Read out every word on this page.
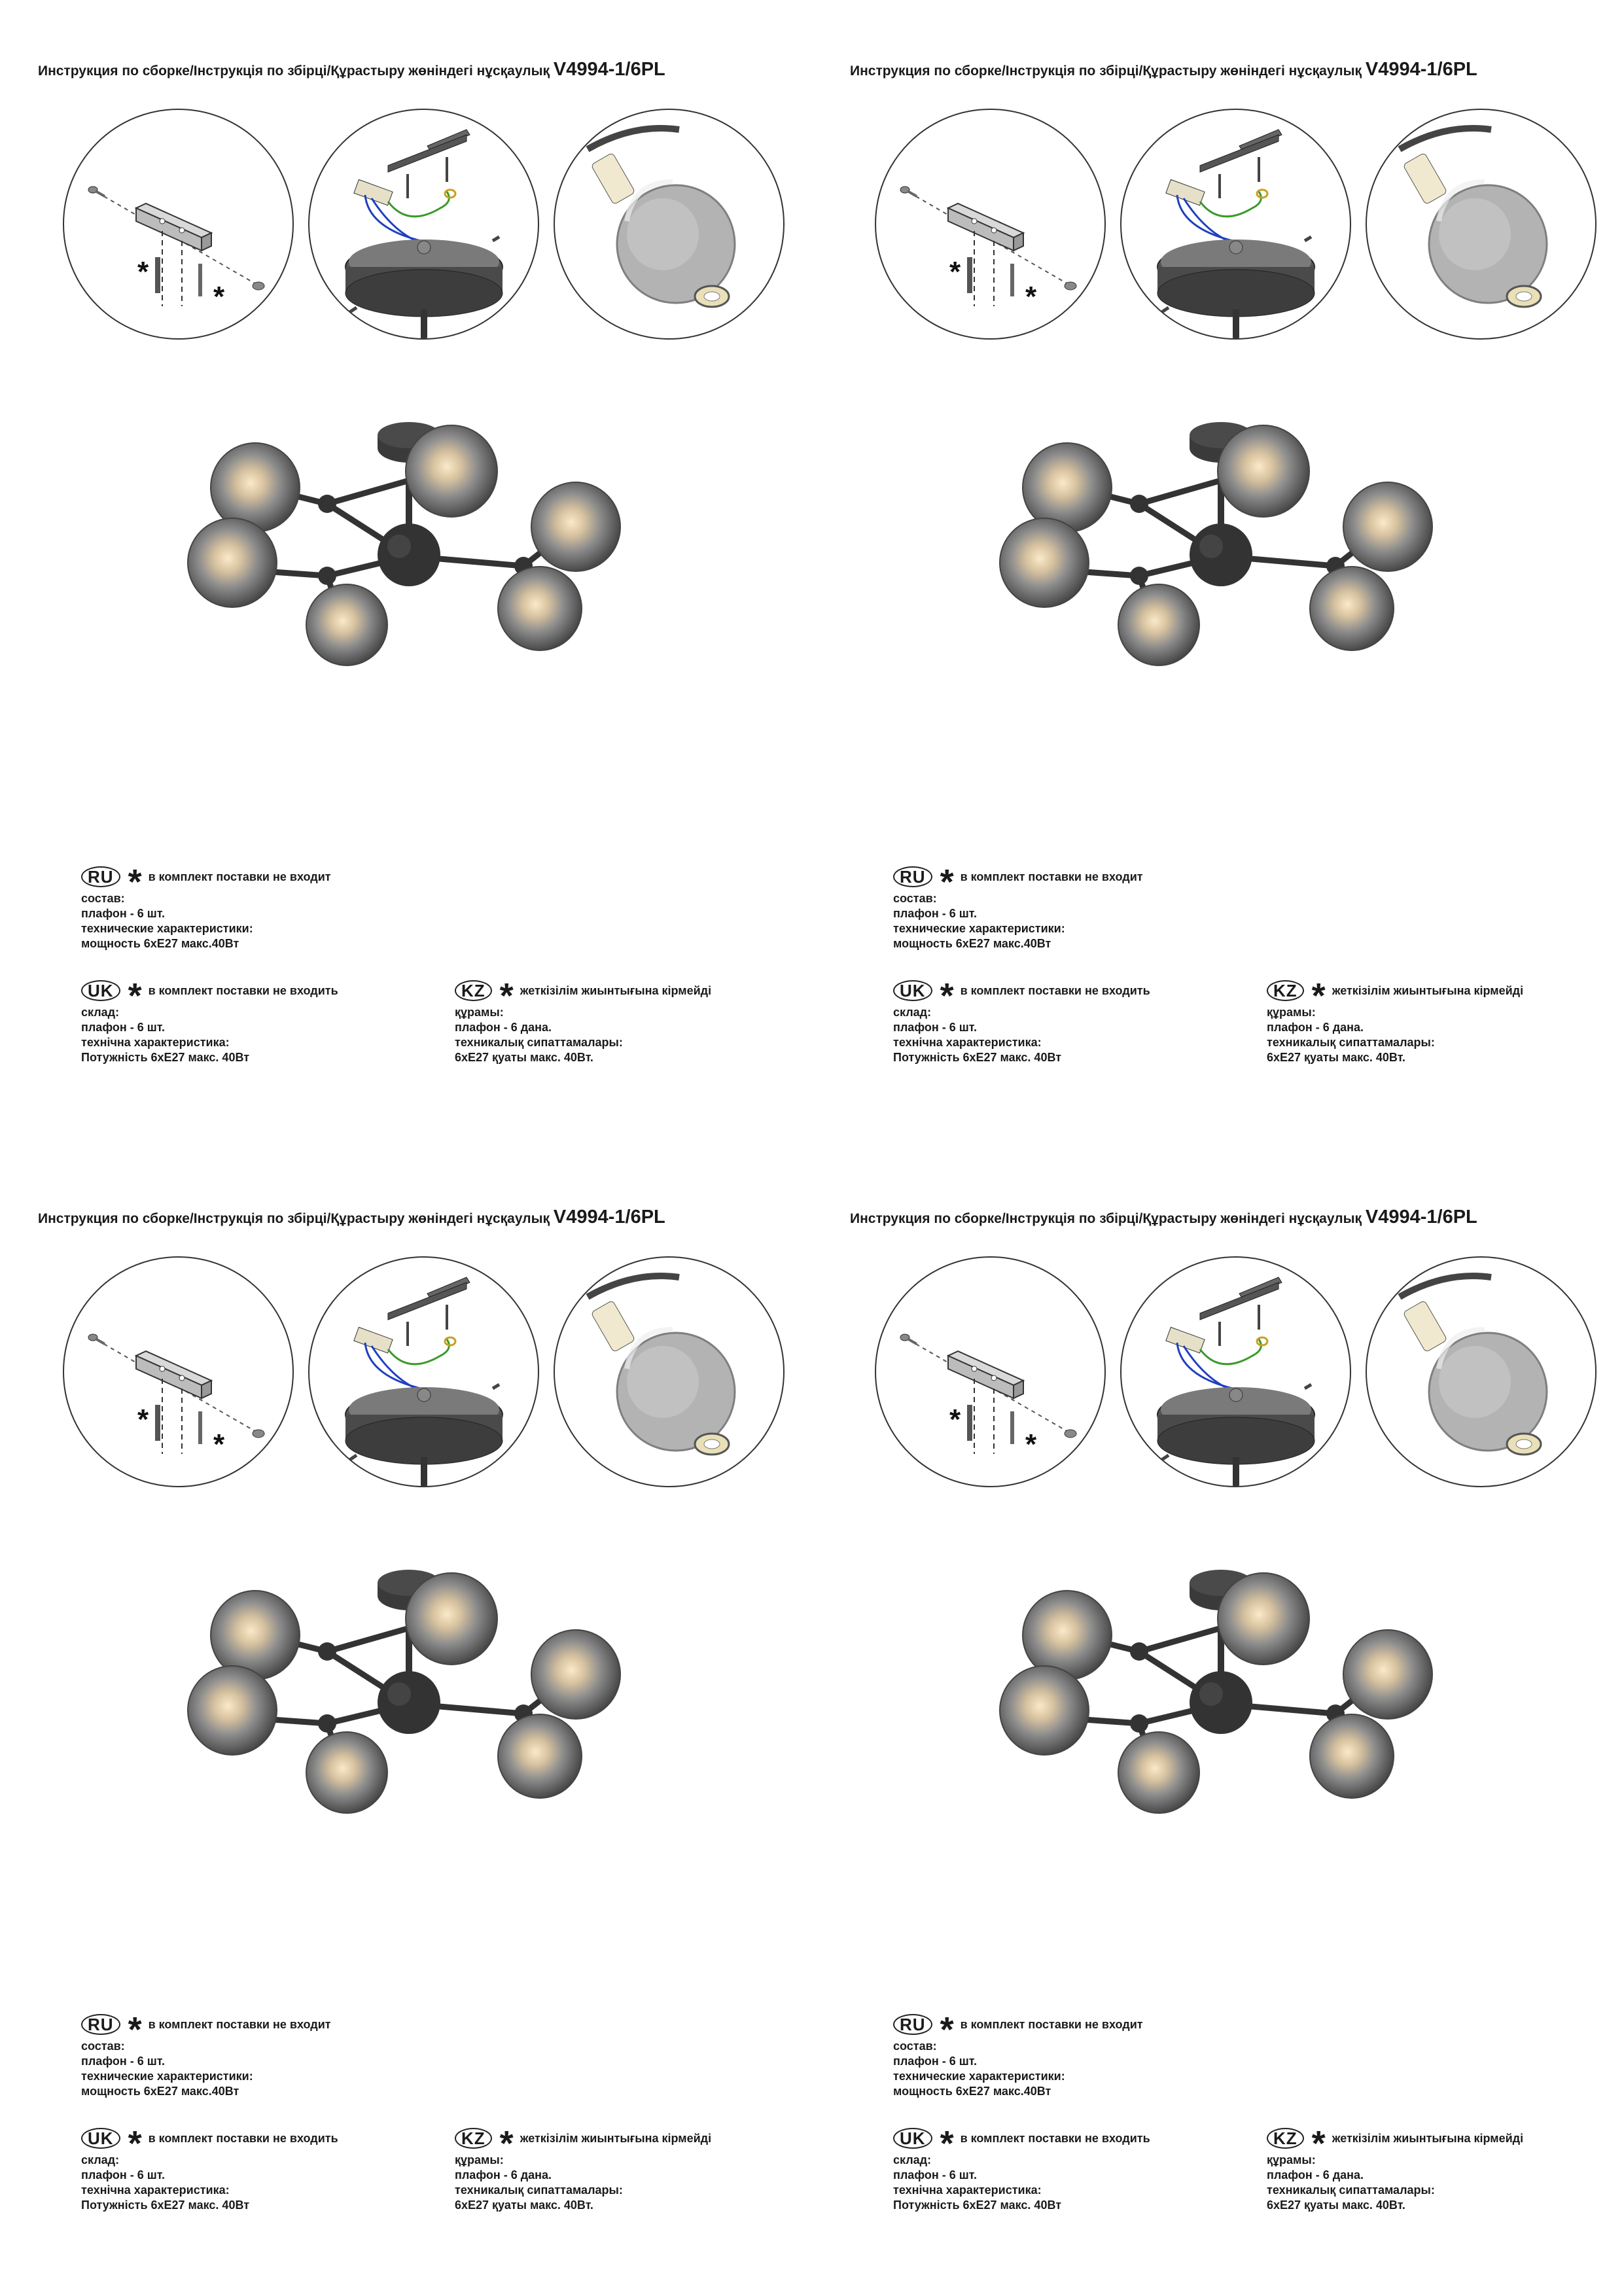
Инструкция по сборке/Інструкція по збірці/Құрастыру жөніндегі нұсқаулық V4994-1/6PL
*
*
RU * в комплект поставки не входит
состав:
плафон - 6 шт.
технические характеристики:
мощность 6хЕ27 макс.40Вт
UK * в комплект поставки не входить
склад:
плафон - 6 шт.
технічна характеристика:
Потужність 6хЕ27 макс. 40Вт
KZ * жеткізілім жиынтығына кірмейді
құрамы:
плафон - 6 дана.
техникалық сипаттамалары:
6хЕ27 қуаты макс. 40Вт.
Инструкция по сборке/Інструкція по збірці/Құрастыру жөніндегі нұсқаулық V4994-1/6PL
*
*
RU * в комплект поставки не входит
состав:
плафон - 6 шт.
технические характеристики:
мощность 6хЕ27 макс.40Вт
UK * в комплект поставки не входить
склад:
плафон - 6 шт.
технічна характеристика:
Потужність 6хЕ27 макс. 40Вт
KZ * жеткізілім жиынтығына кірмейді
құрамы:
плафон - 6 дана.
техникалық сипаттамалары:
6хЕ27 қуаты макс. 40Вт.
Инструкция по сборке/Інструкція по збірці/Құрастыру жөніндегі нұсқаулық V4994-1/6PL
*
*
RU * в комплект поставки не входит
состав:
плафон - 6 шт.
технические характеристики:
мощность 6хЕ27 макс.40Вт
UK * в комплект поставки не входить
склад:
плафон - 6 шт.
технічна характеристика:
Потужність 6хЕ27 макс. 40Вт
KZ * жеткізілім жиынтығына кірмейді
құрамы:
плафон - 6 дана.
техникалық сипаттамалары:
6хЕ27 қуаты макс. 40Вт.
Инструкция по сборке/Інструкція по збірці/Құрастыру жөніндегі нұсқаулық V4994-1/6PL
*
*
RU * в комплект поставки не входит
состав:
плафон - 6 шт.
технические характеристики:
мощность 6хЕ27 макс.40Вт
UK * в комплект поставки не входить
склад:
плафон - 6 шт.
технічна характеристика:
Потужність 6хЕ27 макс. 40Вт
KZ * жеткізілім жиынтығына кірмейді
құрамы:
плафон - 6 дана.
техникалық сипаттамалары:
6хЕ27 қуаты макс. 40Вт.
